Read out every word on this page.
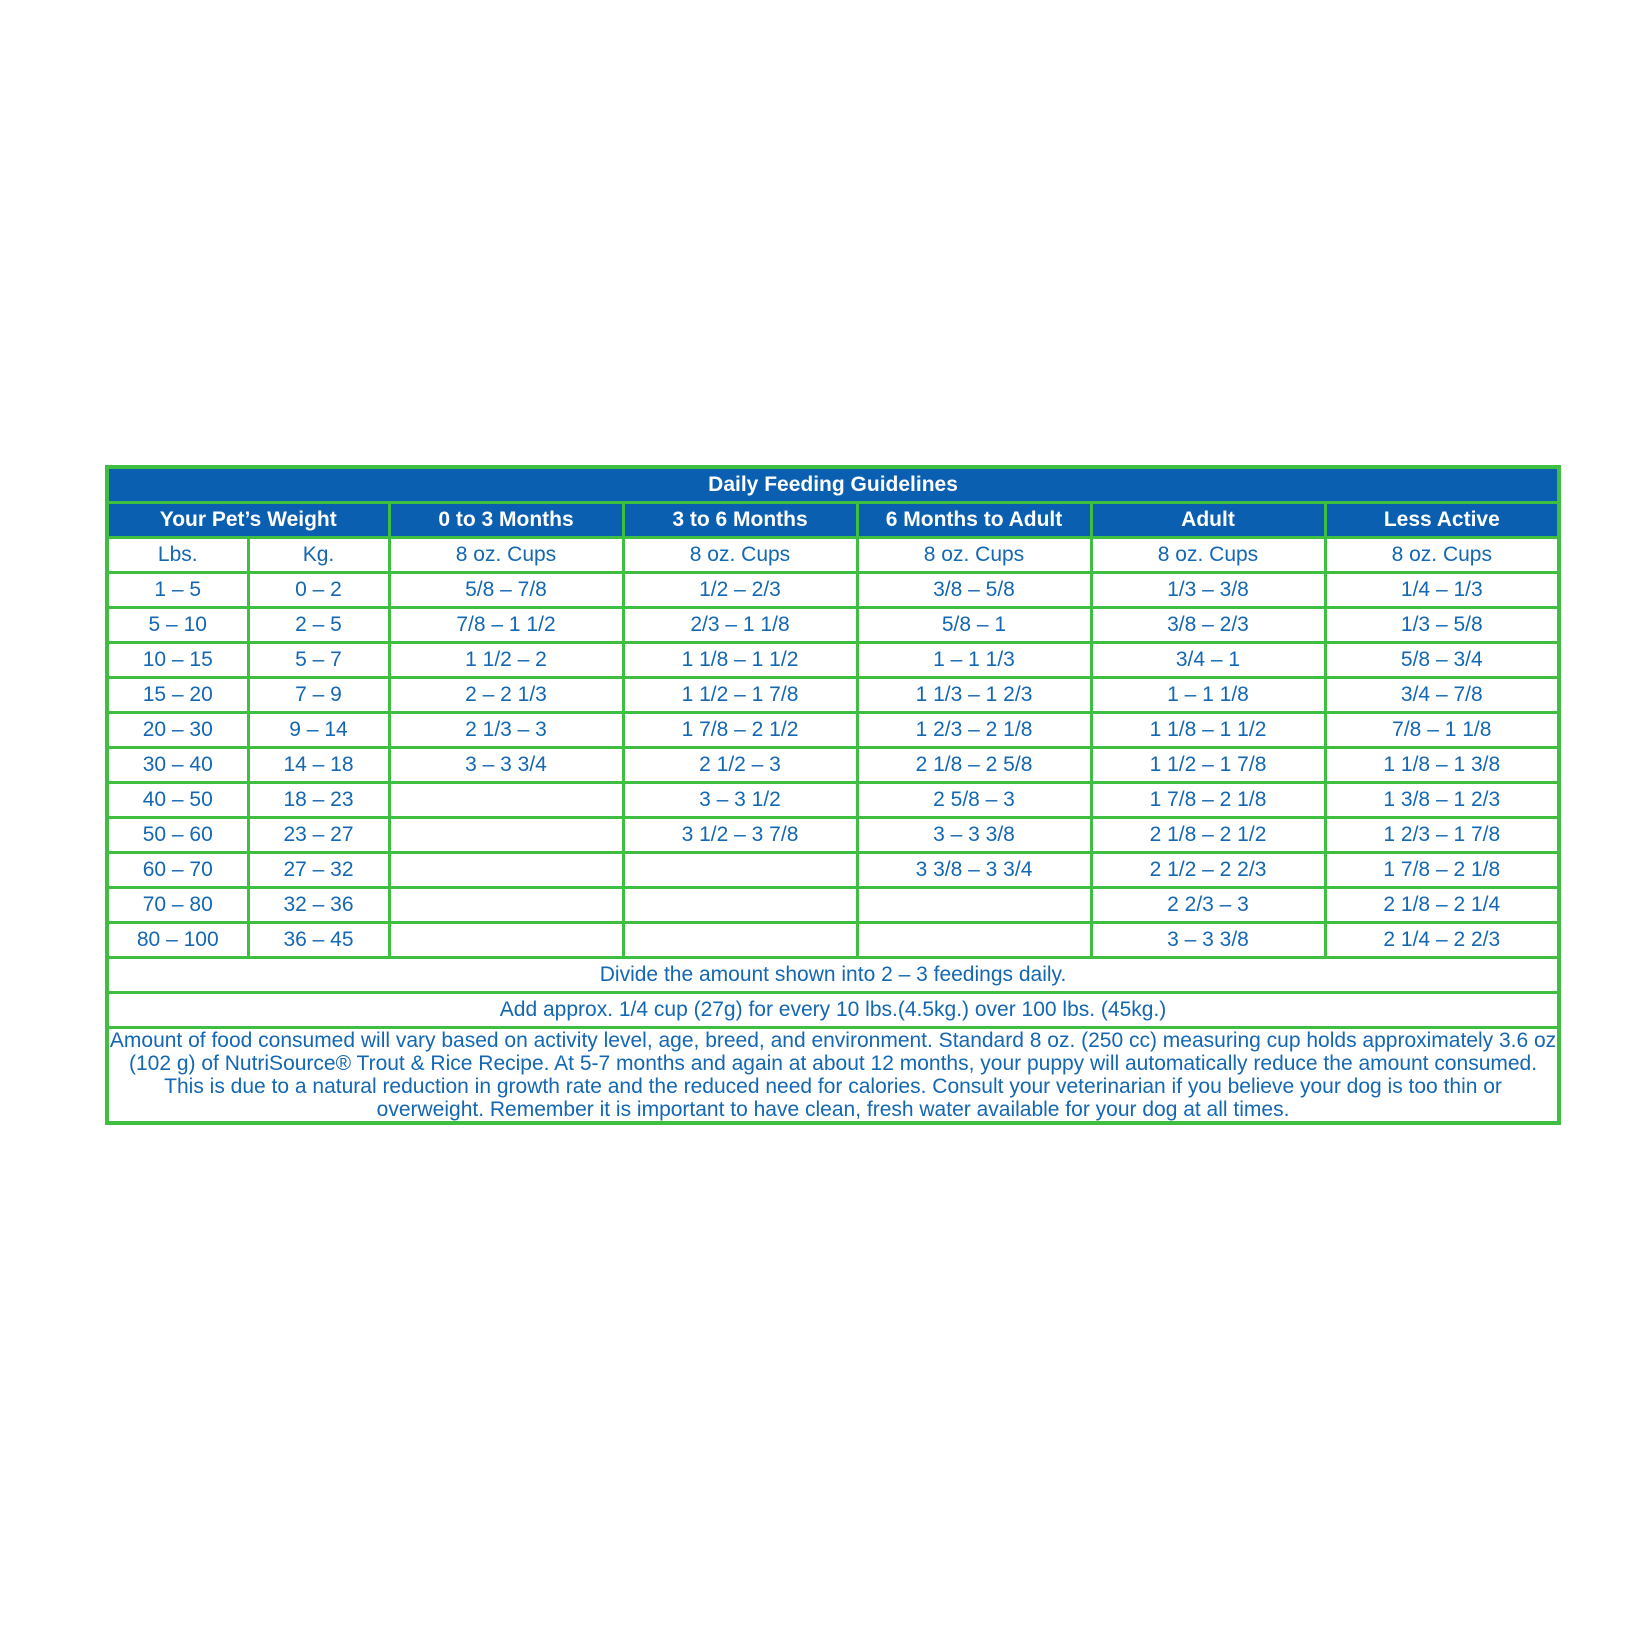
Daily Feeding Guidelines						
Your Pet’s Weight		0 to 3 Months	3 to 6 Months	6 Months to Adult	Adult	Less Active
Lbs.	Kg.	8 oz. Cups	8 oz. Cups	8 oz. Cups	8 oz. Cups	8 oz. Cups
1 – 5	0 – 2	5/8 – 7/8	1/2 – 2/3	3/8 – 5/8	1/3 – 3/8	1/4 – 1/3
5 – 10	2 – 5	7/8 – 1 1/2	2/3 – 1 1/8	5/8 – 1	3/8 – 2/3	1/3 – 5/8
10 – 15	5 – 7	1 1/2 – 2	1 1/8 – 1 1/2	1 – 1 1/3	3/4 – 1	5/8 – 3/4
15 – 20	7 – 9	2 – 2 1/3	1 1/2 – 1 7/8	1 1/3 – 1 2/3	1 – 1 1/8	3/4 – 7/8
20 – 30	9 – 14	2 1/3 – 3	1 7/8 – 2 1/2	1 2/3 – 2 1/8	1 1/8 – 1 1/2	7/8 – 1 1/8
30 – 40	14 – 18	3 – 3 3/4	2 1/2 – 3	2 1/8 – 2 5/8	1 1/2 – 1 7/8	1 1/8 – 1 3/8
40 – 50	18 – 23		3 – 3 1/2	2 5/8 – 3	1 7/8 – 2 1/8	1 3/8 – 1 2/3
50 – 60	23 – 27		3 1/2 – 3 7/8	3 – 3 3/8	2 1/8 – 2 1/2	1 2/3 – 1 7/8
60 – 70	27 – 32			3 3/8 – 3 3/4	2 1/2 – 2 2/3	1 7/8 – 2 1/8
70 – 80	32 – 36				2 2/3 – 3	2 1/8 – 2 1/4
80 – 100	36 – 45				3 – 3 3/8	2 1/4 – 2 2/3
Divide the amount shown into 2 – 3 feedings daily.						
Add approx. 1/4 cup (27g) for every 10 lbs.(4.5kg.) over 100 lbs. (45kg.)						
Amount of food consumed will vary based on activity level, age, breed, and environment. Standard 8 oz. (250 cc) measuring cup holds approximately 3.6 oz (102 g) of NutriSource® Trout & Rice Recipe. At 5-7 months and again at about 12 months, your puppy will automatically reduce the amount consumed. This is due to a natural reduction in growth rate and the reduced need for calories. Consult your veterinarian if you believe your dog is too thin or overweight. Remember it is important to have clean, fresh water available for your dog at all times.						
